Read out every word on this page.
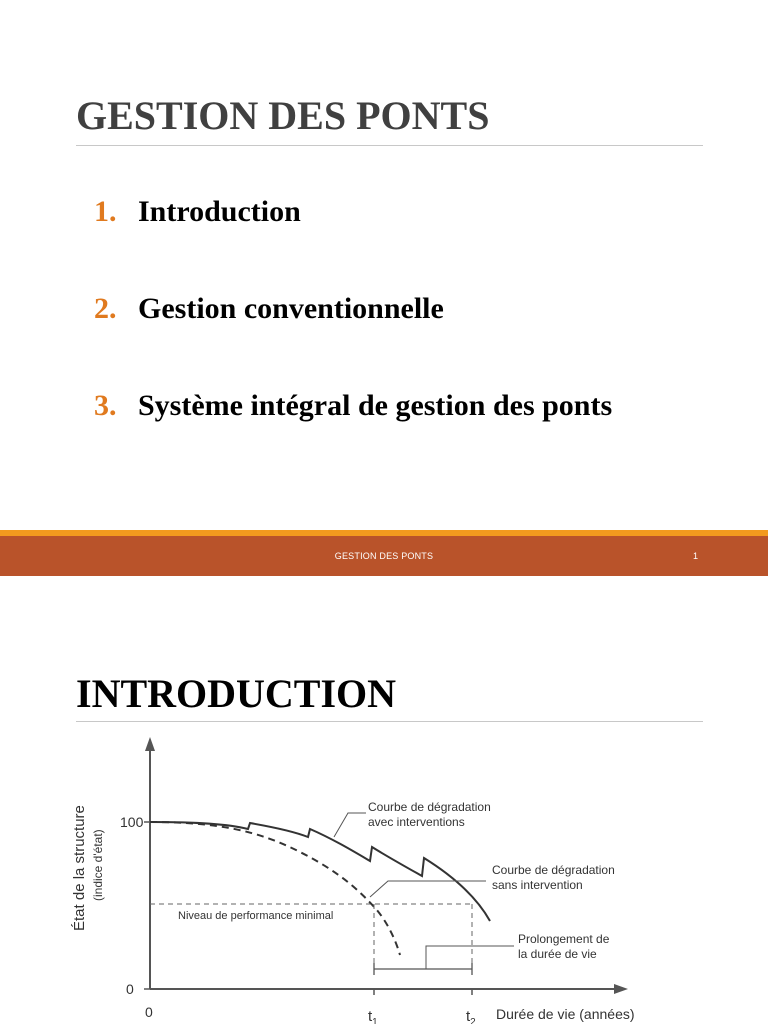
GESTION DES PONTS
1. Introduction
2. Gestion conventionnelle
3. Système intégral de gestion des ponts
GESTION DES PONTS	1
INTRODUCTION
État de la structure (indice d'état)
100
0
0	$t_1$	$t_2$
Durée de vie (années)
Courbe de dégradation
avec interventions
Courbe de dégradation
sans intervention
Niveau de performance minimal
Prolongement de
la durée de vie
